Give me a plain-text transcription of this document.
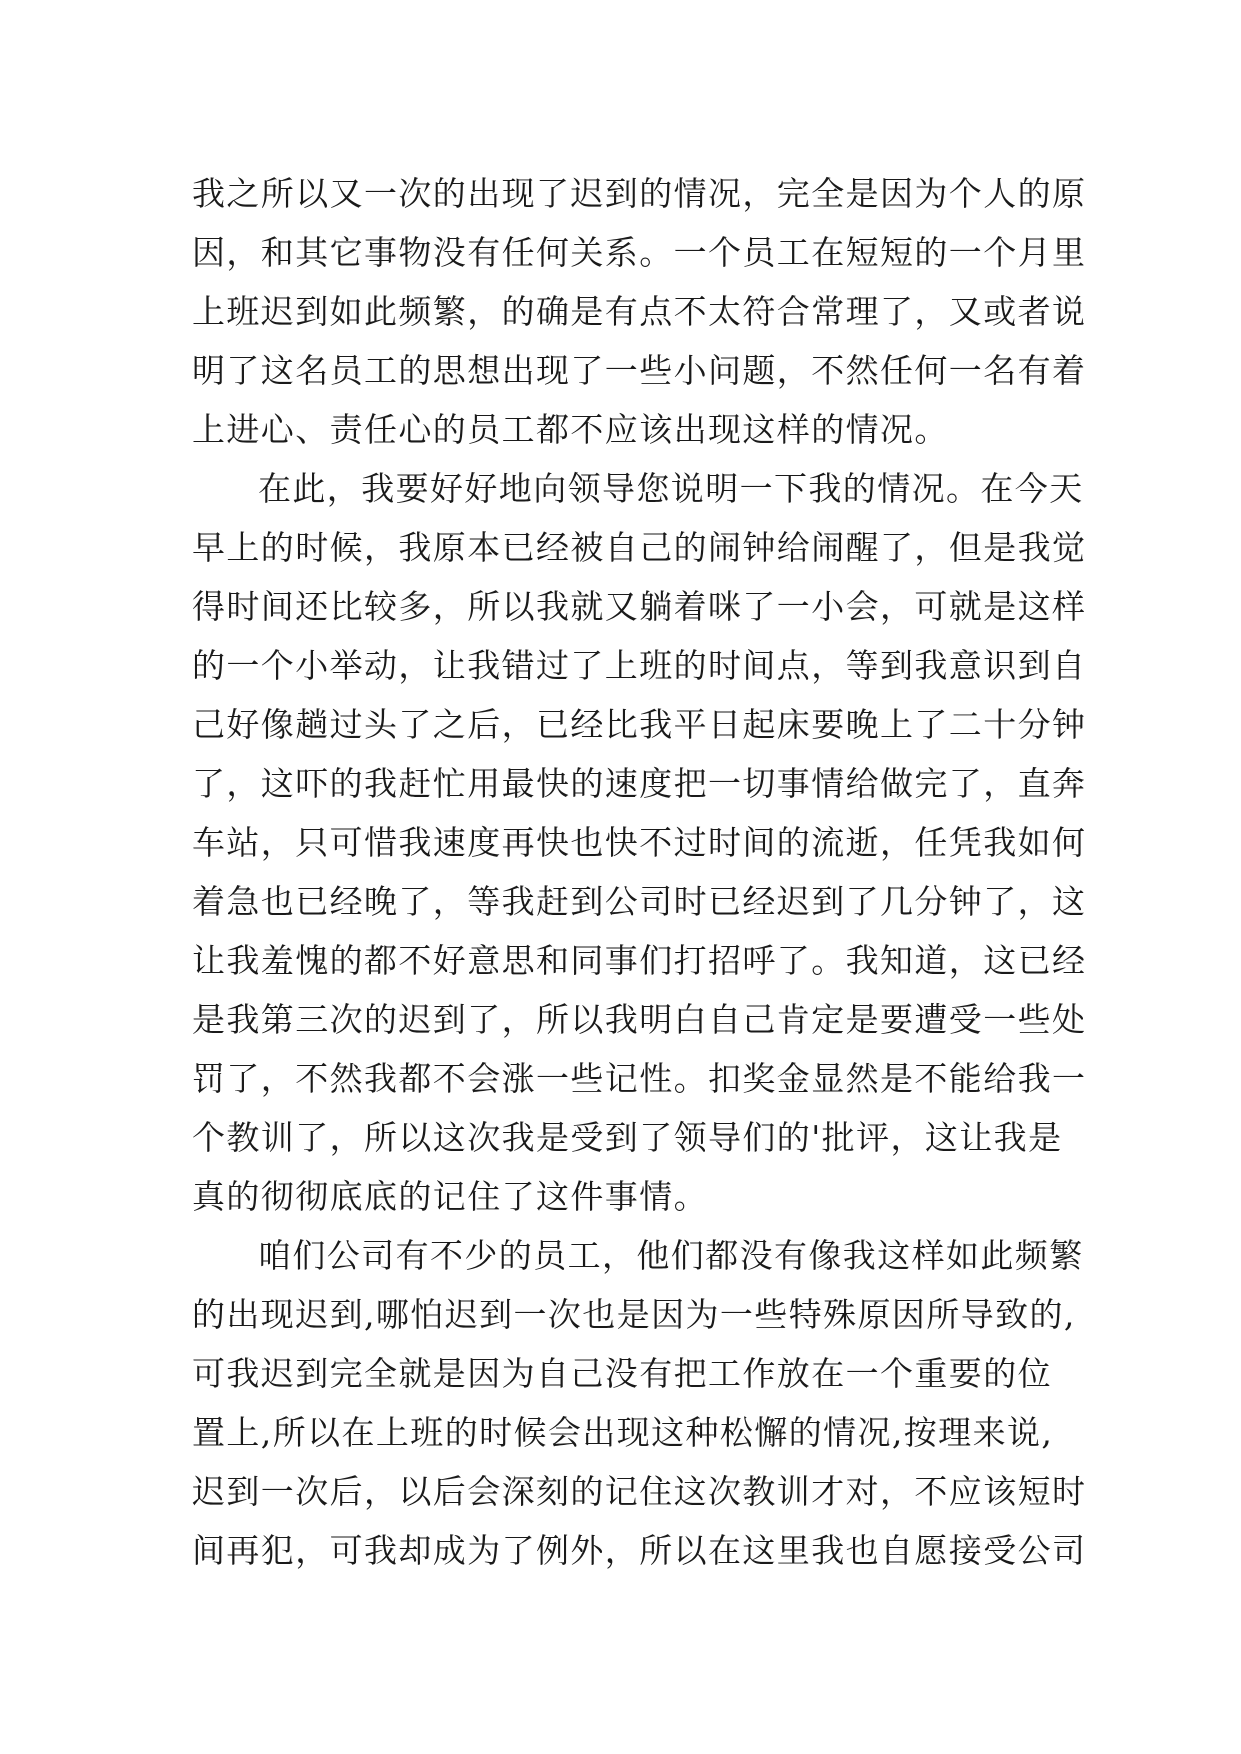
我之所以又一次的出现了迟到的情况，完全是因为个人的原
因，和其它事物没有任何关系。一个员工在短短的一个月里
上班迟到如此频繁，的确是有点不太符合常理了，又或者说
明了这名员工的思想出现了一些小问题，不然任何一名有着
上进心、责任心的员工都不应该出现这样的情况。
在此，我要好好地向领导您说明一下我的情况。在今天
早上的时候，我原本已经被自己的闹钟给闹醒了，但是我觉
得时间还比较多，所以我就又躺着咪了一小会，可就是这样
的一个小举动，让我错过了上班的时间点，等到我意识到自
己好像趟过头了之后，已经比我平日起床要晚上了二十分钟
了，这吓的我赶忙用最快的速度把一切事情给做完了，直奔
车站，只可惜我速度再快也快不过时间的流逝，任凭我如何
着急也已经晚了，等我赶到公司时已经迟到了几分钟了，这
让我羞愧的都不好意思和同事们打招呼了。我知道，这已经
是我第三次的迟到了，所以我明白自己肯定是要遭受一些处
罚了，不然我都不会涨一些记性。扣奖金显然是不能给我一
个教训了，所以这次我是受到了领导们的'批评，这让我是
真的彻彻底底的记住了这件事情。
咱们公司有不少的员工，他们都没有像我这样如此频繁
的出现迟到,哪怕迟到一次也是因为一些特殊原因所导致的,
可我迟到完全就是因为自己没有把工作放在一个重要的位
置上,所以在上班的时候会出现这种松懈的情况,按理来说,
迟到一次后，以后会深刻的记住这次教训才对，不应该短时
间再犯，可我却成为了例外，所以在这里我也自愿接受公司
